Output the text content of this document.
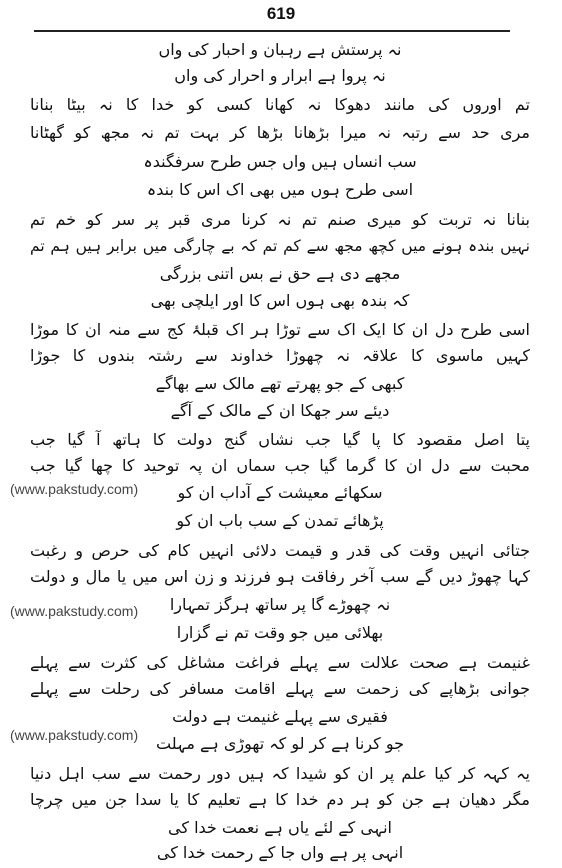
619
نہ پرستش ہے رہبان و احبار کی واں
نہ پروا ہے ابرار و احرار کی واں
تم اوروں کی مانند دھوکا نہ کھانا کسی کو خدا کا نہ بیٹا بنانا
مری حد سے رتبہ نہ میرا بڑھانا بڑھا کر بہت تم نہ مجھ کو گھٹانا
سب انساں ہیں واں جس طرح سرفگندہ
اسی طرح ہوں میں بھی اک اس کا بندہ
بنانا نہ تربت کو میری صنم تم نہ کرنا مری قبر پر سر کو خم تم
نہیں بندہ ہونے میں کچھ مجھ سے کم تم کہ بے چارگی میں برابر ہیں ہم تم
مجھے دی ہے حق نے بس اتنی بزرگی
کہ بندہ بھی ہوں اس کا اور ایلچی بھی
اسی طرح دل ان کا ایک اک سے توڑا ہر اک قبلۂ کج سے منہ ان کا موڑا
کہیں ماسوی کا علاقہ نہ چھوڑا خداوند سے رشتہ بندوں کا جوڑا
کبھی کے جو پھرتے تھے مالک سے بھاگے
دیئے سر جھکا ان کے مالک کے آگے
پتا اصل مقصود کا پا گیا جب نشاں گنج دولت کا ہاتھ آ گیا جب
محبت سے دل ان کا گرما گیا جب سماں ان پہ توحید کا چھا گیا جب
سکھائے معیشت کے آداب ان کو
پڑھائے تمدن کے سب باب ان کو
جتائی انہیں وقت کی قدر و قیمت دلائی انہیں کام کی حرص و رغبت
کہا چھوڑ دیں گے سب آخر رفاقت ہو فرزند و زن اس میں یا مال و دولت
نہ چھوڑے گا پر ساتھ ہرگز تمہارا
بھلائی میں جو وقت تم نے گزارا
غنیمت ہے صحت علالت سے پہلے فراغت مشاغل کی کثرت سے پہلے
جوانی بڑھاپے کی زحمت سے پہلے اقامت مسافر کی رحلت سے پہلے
فقیری سے پہلے غنیمت ہے دولت
جو کرنا ہے کر لو کہ تھوڑی ہے مہلت
یہ کہہ کر کیا علم پر ان کو شیدا کہ ہیں دور رحمت سے سب اہل دنیا
مگر دھیان ہے جن کو ہر دم خدا کا ہے تعلیم کا یا سدا جن میں چرچا
انہی کے لئے یاں ہے نعمت خدا کی
انہی پر ہے واں جا کے رحمت خدا کی
(www.pakstudy.com)
(www.pakstudy.com)
(www.pakstudy.com)
